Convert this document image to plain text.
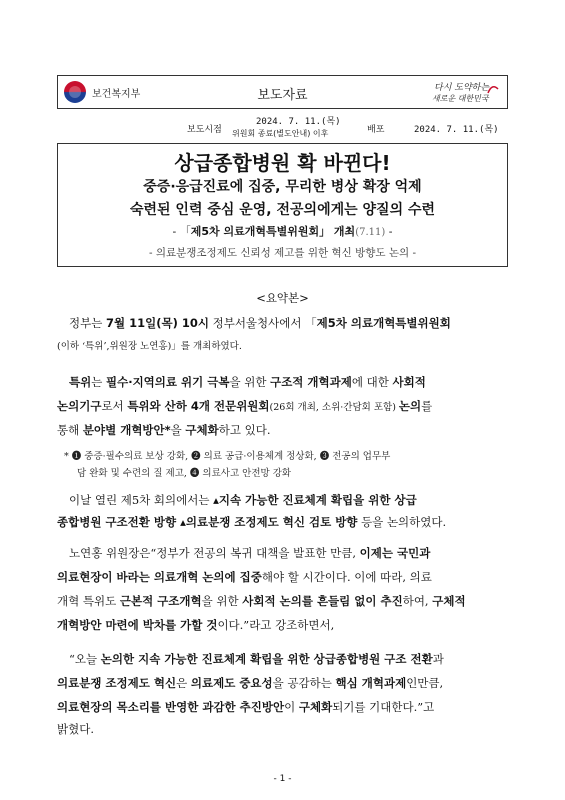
보건복지부	보도자료	다시 도약하는
새로운 대한민국
보도시점
2024. 7. 11.(목)
위원회 종료(별도안내) 이후	배포	2024. 7. 11.(목)
상급종합병원 확 바뀐다!
중증·응급진료에 집중, 무리한 병상 확장 억제
숙련된 인력 중심 운영, 전공의에게는 양질의 수련
- 「제5차 의료개혁특별위원회」 개최(7.11) -
- 의료분쟁조정제도 신뢰성 제고를 위한 혁신 방향도 논의 -
<요약본>
정부는 7월 11일(목) 10시 정부서울청사에서 「제5차 의료개혁특별위원회
(이하 ‘특위’,위원장 노연홍)」를 개최하였다.
특위는 필수·지역의료 위기 극복을 위한 구조적 개혁과제에 대한 사회적
논의기구로서 특위와 산하 4개 전문위원회(26회 개최, 소위·간담회 포함) 논의를
통해 분야별 개혁방안*을 구체화하고 있다.
* ❶ 중증·필수의료 보상 강화, ❷ 의료 공급·이용체계 정상화, ❸ 전공의 업무부
담 완화 및 수련의 질 제고, ❹ 의료사고 안전망 강화
이날 열린 제5차 회의에서는 ▴지속 가능한 진료체계 확립을 위한 상급
종합병원 구조전환 방향 ▴의료분쟁 조정제도 혁신 검토 방향 등을 논의하였다.
노연홍 위원장은“정부가 전공의 복귀 대책을 발표한 만큼, 이제는 국민과
의료현장이 바라는 의료개혁 논의에 집중해야 할 시간이다. 이에 따라, 의료
개혁 특위도 근본적 구조개혁을 위한 사회적 논의를 흔들림 없이 추진하여, 구체적
개혁방안 마련에 박차를 가할 것이다.”라고 강조하면서,
“오늘 논의한 지속 가능한 진료체계 확립을 위한 상급종합병원 구조 전환과
의료분쟁 조정제도 혁신은 의료제도 중요성을 공감하는 핵심 개혁과제인만큼,
의료현장의 목소리를 반영한 과감한 추진방안이 구체화되기를 기대한다.”고
밝혔다.
- 1 -
